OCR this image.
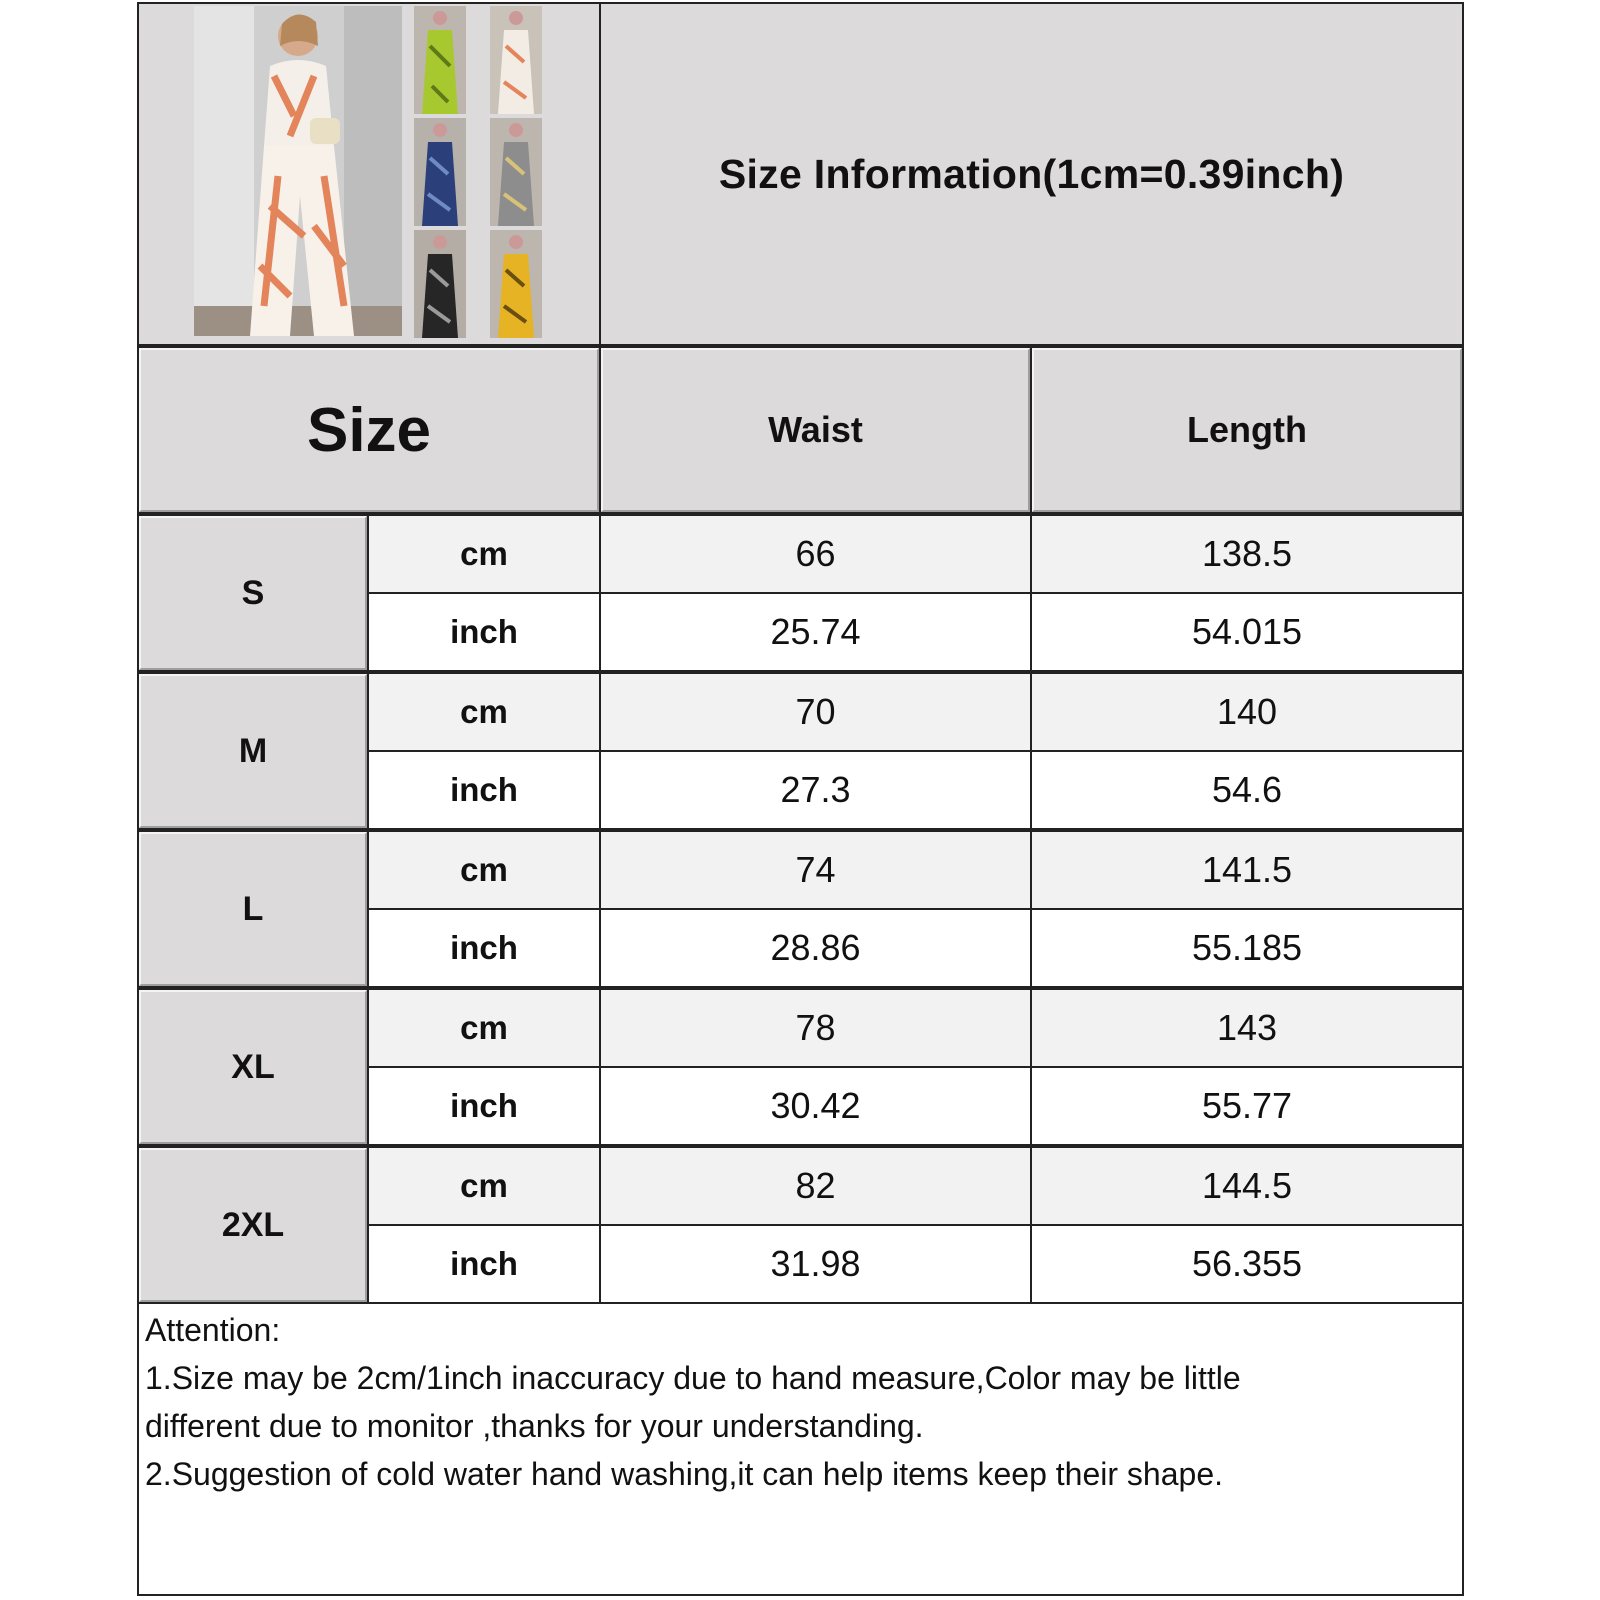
Size Information(1cm=0.39inch)
Size	Waist	Length
S
cm	66	138.5
inch	25.74	54.015
M
cm	70	140
inch	27.3	54.6
L
cm	74	141.5
inch	28.86	55.185
XL
cm	78	143
inch	30.42	55.77
2XL
cm	82	144.5
inch	31.98	56.355
Attention:
1.Size may be 2cm/1inch inaccuracy due to hand measure,Color may be little
different due to monitor ,thanks for your understanding.
2.Suggestion of cold water hand washing,it can help items keep their shape.
